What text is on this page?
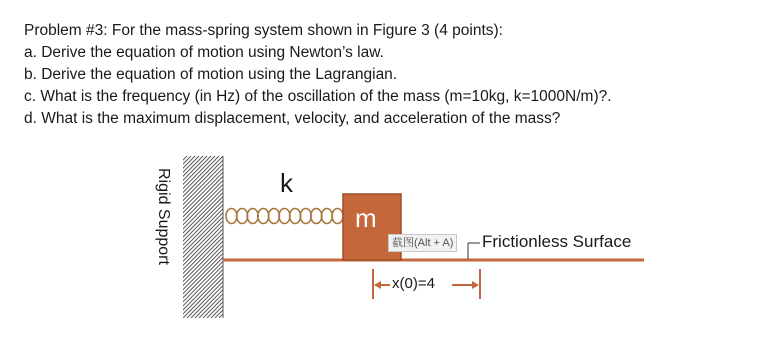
Problem #3: For the mass-spring system shown in Figure 3 (4 points):
a. Derive the equation of motion using Newton’s law.
b. Derive the equation of motion using the Lagrangian.
c. What is the frequency (in Hz) of the oscillation of the mass (m=10kg, k=1000N/m)?.
d. What is the maximum displacement, velocity, and acceleration of the mass?
Rigid Support	k
m
截图(Alt + A) Frictionless Surface
x(0)=4
